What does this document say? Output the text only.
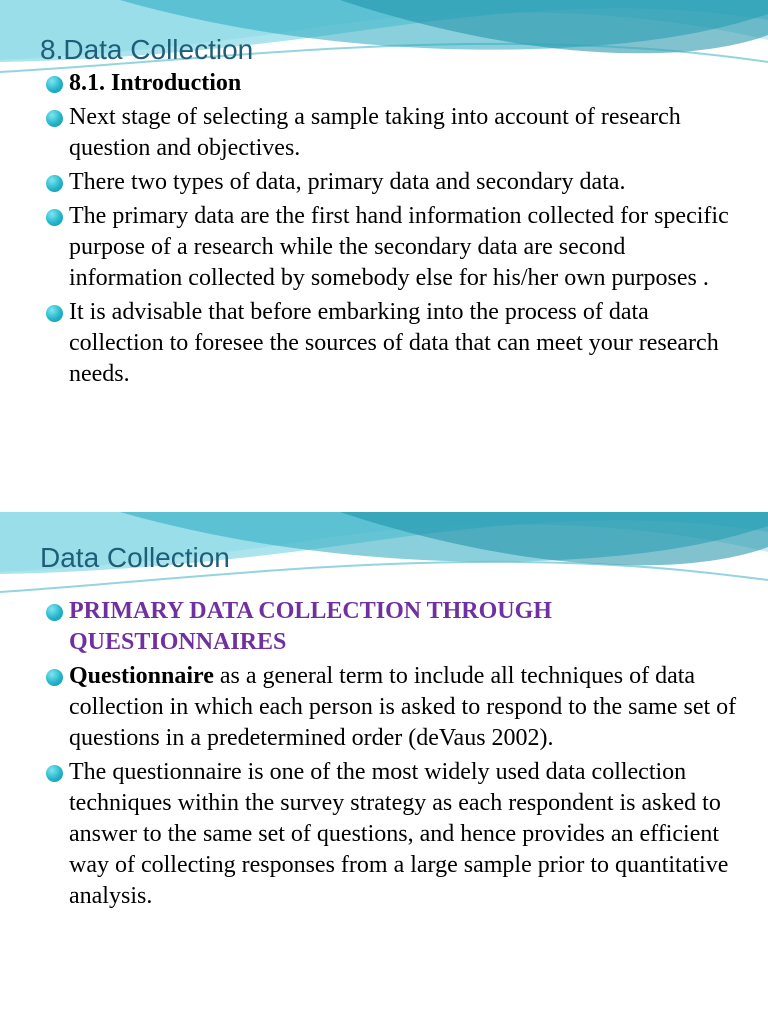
8.Data Collection
8.1. Introduction
Next stage of selecting a sample taking into account of research question and objectives.
There two types of data, primary data and secondary data.
The primary data are the first hand information collected for specific purpose of a research while the secondary data are second information collected by somebody else for his/her own purposes .
It is advisable that before embarking into the process of data collection to foresee the sources of data that can meet your research needs.
Data Collection
PRIMARY DATA COLLECTION THROUGH QUESTIONNAIRES
Questionnaire as a general term to include all techniques of data collection in which each person is asked to respond to the same set of questions in a predetermined order (deVaus 2002).
The questionnaire is one of the most widely used data collection techniques within the survey strategy as each respondent is asked to answer to the same set of questions, and hence provides an efficient way of collecting responses from a large sample prior to quantitative analysis.
